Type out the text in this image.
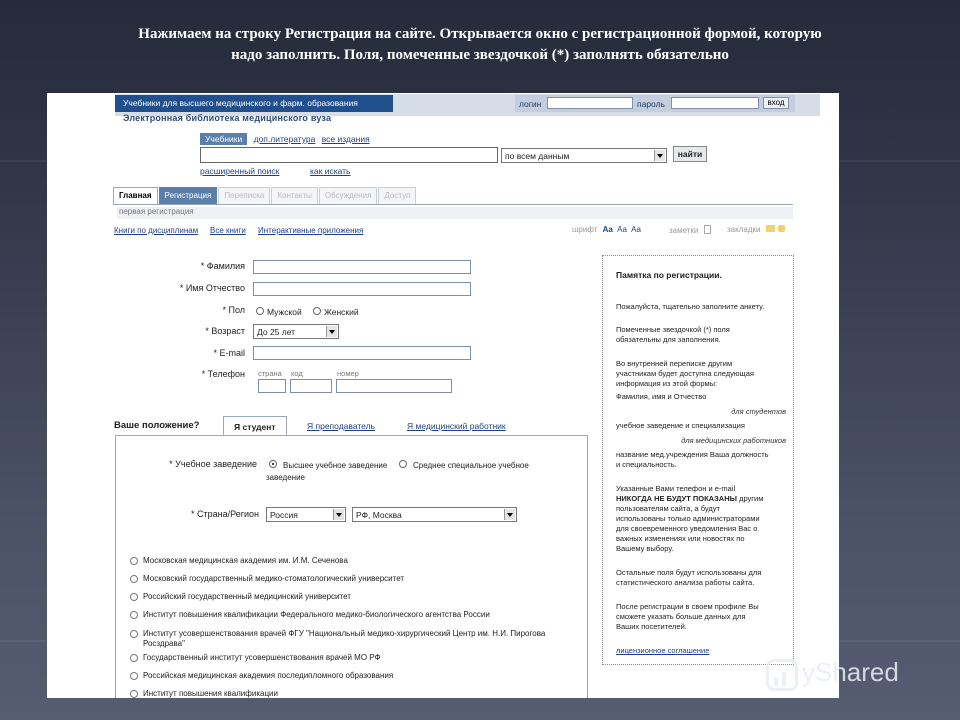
Нажимаем на строку Регистрация на сайте. Открывается окно с регистрационной формой, которую
надо заполнить. Поля, помеченные звездочкой (*) заполнять обязательно
Учебники для высшего медицинского и фарм. образования	логин	пароль	вход
Электронная библиотека медицинского вуза
Учебники доп.литература все издания
по всем данным	найти
расширенный поиск	как искать
Главная	Регистрация	Переписка	Контакты	Обсуждения	Доступ
первая регистрация
Книги по дисциплинам Все книги Интерактивные приложения	шрифт Aa Aa Aa	заметки	закладки
* Фамилия
* Имя Отчество
* Пол	Мужской	Женский
* Возраст	До 25 лет
* E-mail
* Телефон страна код	номер

Памятка по регистрации.

Пожалуйста, тщательно заполните анкету.

Помеченные звездочкой (*) поля

обязательны для заполнения.

Во внутренней переписке другим

участникам будет доступна следующая

информация из этой формы:

Фамилия, имя и Отчество

для студентов

учебное заведение и специализация

для медицинских работников

название мед.учреждения Ваша должность

и специальность.

Указанные Вами телефон и e-mail

НИКОГДА НЕ БУДУТ ПОКАЗАНЫ другим

пользователям сайта, а будут

использованы только администраторами

для своевременного уведомления Вас о

важных изменениях или новостях по

Вашему выбору.

Остальные поля будут использованы для

статистического анализа работы сайта.

После регистрации в своем профиле Вы

сможете указать больше данных для

Ваших посетителей.

лицензионное соглашение

Ваше положение?	Я студент	Я преподаватель	Я медицинский работник
* Учебное заведение	Высшее учебное заведение	Среднее специальное учебное
заведение
* Страна/Регион	Россия	РФ, Москва
Московская медицинская академия им. И.М. Сеченова
Московский государственный медико-стоматологический университет
Российский государственный медицинский университет
Институт повышения квалификации Федерального медико-биологического агентства России
Институт усовершенствования врачей ФГУ "Национальный медико-хирургический Центр им. Н.И. Пирогова
Росздрава"
Государственный институт усовершенствования врачей МО РФ
Российская медицинская академия последипломного образования
Институт повышения квалификации
yShared
